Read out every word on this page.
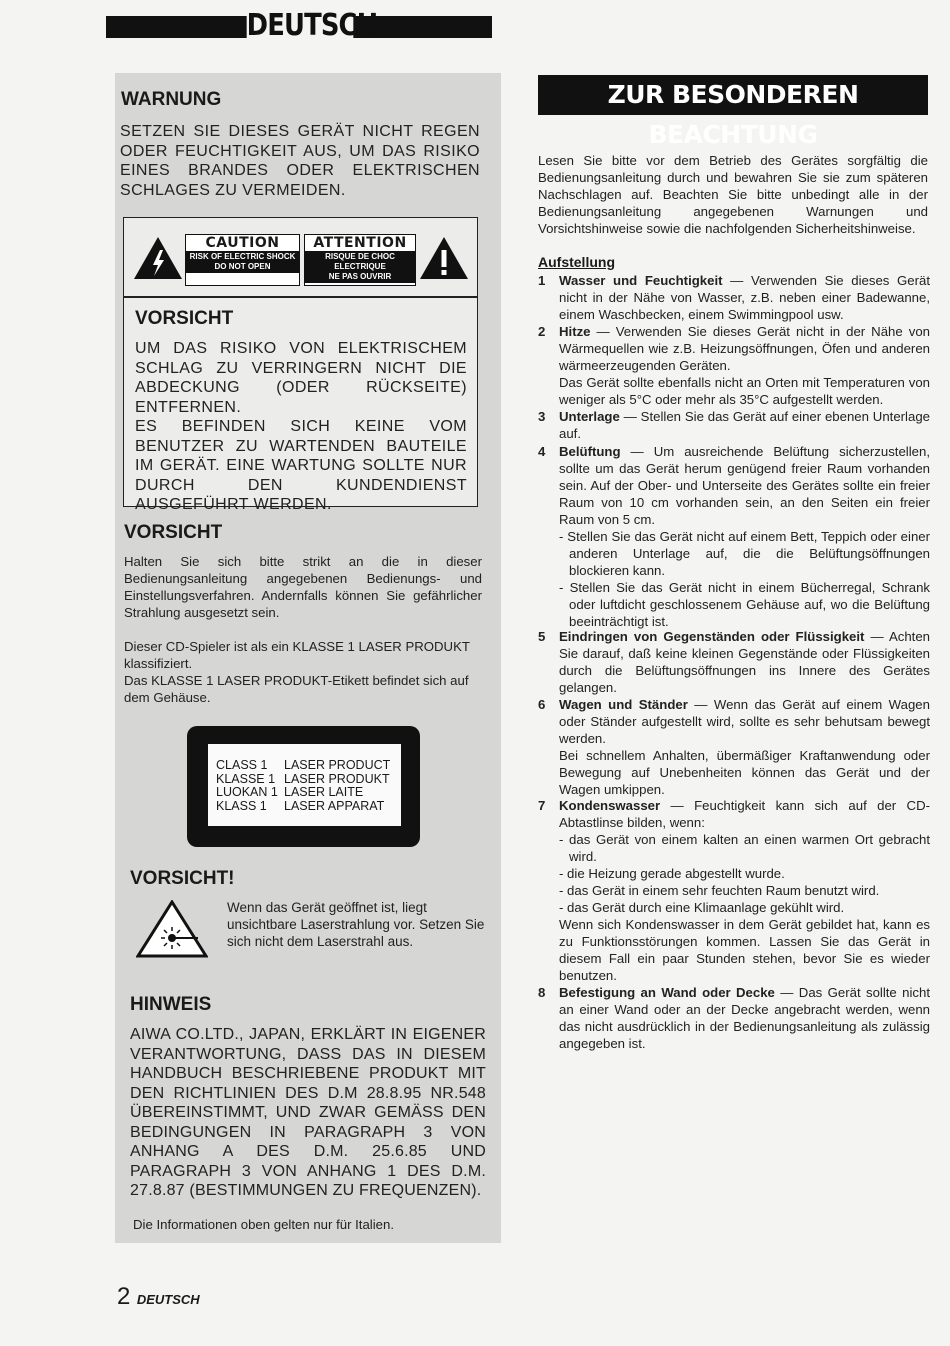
DEUTSCH
WARNUNG
SETZEN SIE DIESES GERÄT NICHT REGEN ODER FEUCHTIGKEIT AUS, UM DAS RISIKO EINES BRANDES ODER ELEKTRISCHEN SCHLAGES ZU VERMEIDEN.
CAUTION
RISK OF ELECTRIC SHOCK
DO NOT OPEN
ATTENTION
RISQUE DE CHOC ELECTRIQUE
NE PAS OUVRIR
VORSICHT
UM DAS RISIKO VON ELEKTRISCHEM SCHLAG ZU VERRINGERN NICHT DIE ABDECKUNG (ODER RÜCKSEITE) ENTFERNEN.
ES BEFINDEN SICH KEINE VOM BENUTZER ZU WARTENDEN BAUTEILE IM GERÄT. EINE WARTUNG SOLLTE NUR DURCH DEN KUNDENDIENST AUSGEFÜHRT WERDEN.
VORSICHT
Halten Sie sich bitte strikt an die in dieser Bedienungsanleitung angegebenen Bedienungs- und Einstellungsverfahren. Andernfalls können Sie gefährlicher Strahlung ausgesetzt sein.
Dieser CD-Spieler ist als ein KLASSE 1 LASER PRODUKT klassifiziert.
Das KLASSE 1 LASER PRODUKT-Etikett befindet sich auf dem Gehäuse.
CLASS 1	LASER PRODUCT
KLASSE 1 LASER PRODUKT
LUOKAN 1 LASER LAITE
KLASS 1	LASER APPARAT
VORSICHT!
Wenn das Gerät geöffnet ist, liegt unsichtbare Laserstrahlung vor. Setzen Sie sich nicht dem Laserstrahl aus.
HINWEIS
AIWA CO.LTD., JAPAN, ERKLÄRT IN EIGENER VERANTWORTUNG, DASS DAS IN DIESEM HANDBUCH BESCHRIEBENE PRODUKT MIT DEN RICHTLINIEN DES D.M 28.8.95 NR.548 ÜBEREINSTIMMT, UND ZWAR GEMÄSS DEN BEDINGUNGEN IN PARAGRAPH 3 VON ANHANG A DES D.M. 25.6.85 UND PARAGRAPH 3 VON ANHANG 1 DES D.M. 27.8.87 (BESTIMMUNGEN ZU FREQUENZEN).
Die Informationen oben gelten nur für Italien.
ZUR BESONDEREN BEACHTUNG
Lesen Sie bitte vor dem Betrieb des Gerätes sorgfältig die Bedienungsanleitung durch und bewahren Sie sie zum späteren Nachschlagen auf. Beachten Sie bitte unbedingt alle in der Bedienungsanleitung angegebenen Warnungen und Vorsichtshinweise sowie die nachfolgenden Sicherheitshinweise.
Aufstellung
1 Wasser und Feuchtigkeit — Verwenden Sie dieses Gerät nicht in der Nähe von Wasser, z.B. neben einer Badewanne, einem Waschbecken, einem Swimmingpool usw.
2 Hitze — Verwenden Sie dieses Gerät nicht in der Nähe von Wärmequellen wie z.B. Heizungsöffnungen, Öfen und anderen wärmeerzeugenden Geräten.
Das Gerät sollte ebenfalls nicht an Orten mit Temperaturen von weniger als 5°C oder mehr als 35°C aufgestellt werden.
3 Unterlage — Stellen Sie das Gerät auf einer ebenen Unterlage auf.
4 Belüftung — Um ausreichende Belüftung sicherzustellen, sollte um das Gerät herum genügend freier Raum vorhanden sein. Auf der Ober- und Unterseite des Gerätes sollte ein freier Raum von 10 cm vorhanden sein, an den Seiten ein freier Raum von 5 cm.
- Stellen Sie das Gerät nicht auf einem Bett, Teppich oder einer anderen Unterlage auf, die die Belüftungsöffnungen blockieren kann.
- Stellen Sie das Gerät nicht in einem Bücherregal, Schrank oder luftdicht geschlossenem Gehäuse auf, wo die Belüftung beeinträchtigt ist.
5 Eindringen von Gegenständen oder Flüssigkeit — Achten Sie darauf, daß keine kleinen Gegenstände oder Flüssigkeiten durch die Belüftungsöffnungen ins Innere des Gerätes gelangen.
6 Wagen und Ständer — Wenn das Gerät auf einem Wagen oder Ständer aufgestellt wird, sollte es sehr behutsam bewegt werden.
Bei schnellem Anhalten, übermäßiger Kraftanwendung oder Bewegung auf Unebenheiten können das Gerät und der Wagen umkippen.
7 Kondenswasser — Feuchtigkeit kann sich auf der CD-Abtastlinse bilden, wenn:
- das Gerät von einem kalten an einen warmen Ort gebracht wird.
- die Heizung gerade abgestellt wurde.
- das Gerät in einem sehr feuchten Raum benutzt wird.
- das Gerät durch eine Klimaanlage gekühlt wird.
Wenn sich Kondenswasser in dem Gerät gebildet hat, kann es zu Funktionsstörungen kommen. Lassen Sie das Gerät in diesem Fall ein paar Stunden stehen, bevor Sie es wieder benutzen.
8 Befestigung an Wand oder Decke — Das Gerät sollte nicht an einer Wand oder an der Decke angebracht werden, wenn das nicht ausdrücklich in der Bedienungsanleitung als zulässig angegeben ist.
2 DEUTSCH
